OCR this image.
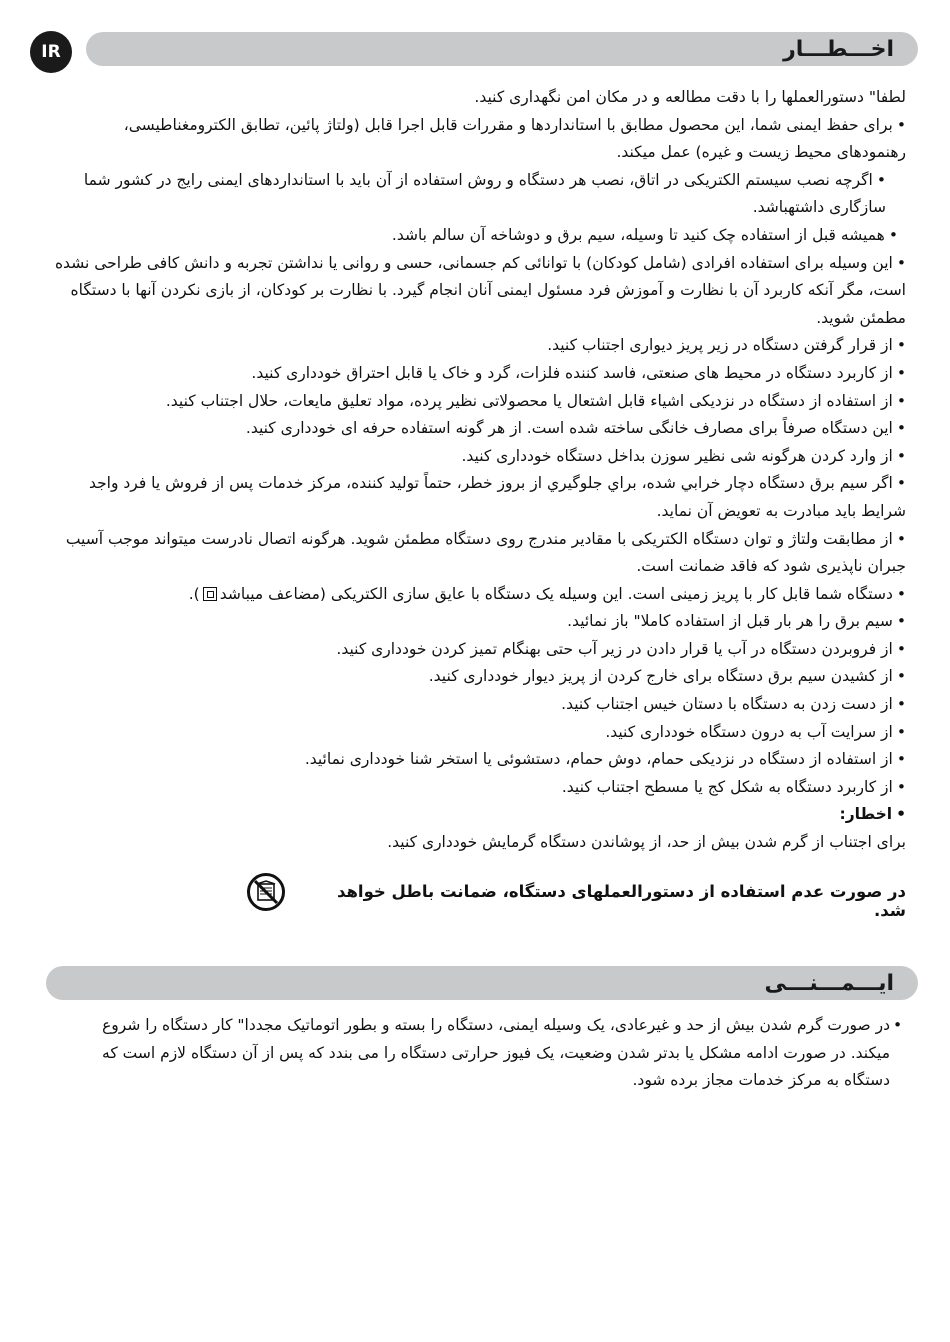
IR	اخـــطـــار

لطفا" دستورالعملها را با دقت مطالعه و در مکان امن نگهداری کنید.

• برای حفظ ایمنی شما، این محصول مطابق با استانداردها و مقررات قابل اجرا قابل (ولتاژ پائین، تطابق الکترومغناطیسی، رهنمودهای محیط زیست و غیره) عمل میکند.

• اگرچه نصب سیستم الکتریکی در اتاق، نصب هر دستگاه و روش استفاده از آن باید با استانداردهای ایمنی رایج در کشور شما سازگاری داشتهباشد.

• همیشه قبل از استفاده چک کنید تا وسیله، سیم برق و دوشاخه آن سالم باشد.

• این وسیله برای استفاده افرادی (شامل کودکان) با توانائی کم جسمانی، حسی و روانی یا نداشتن تجربه و دانش کافی طراحی نشده است، مگر آنکه کاربرد آن با نظارت و آموزش فرد مسئول ایمنی آنان انجام گیرد. با نظارت بر کودکان، از بازی نکردن آنها با دستگاه مطمئن شوید.

• از قرار گرفتن دستگاه در زیر پریز دیواری اجتناب کنید.

• از کاربرد دستگاه در محیط های صنعتی، فاسد کننده فلزات، گرد و خاک یا قابل احتراق خودداری کنید.

• از استفاده از دستگاه در نزدیکی اشیاء قابل اشتعال یا محصولاتی نظیر پرده، مواد تعلیق مایعات، حلال اجتناب کنید.

• این دستگاه صرفاً برای مصارف خانگی ساخته شده است. از هر گونه استفاده حرفه ای خودداری کنید.

• از وارد کردن هرگونه شی نظیر سوزن بداخل دستگاه خودداری کنید.

• اگر سیم برق دستگاه دچار خرابي شده، براي جلوگيري از بروز خطر، حتماً تولید کننده، مرکز خدمات پس از فروش یا فرد واجد شرایط باید مبادرت به تعویض آن نماید.

• از مطابقت ولتاژ و توان دستگاه الکتریکی با مقادیر مندرج روی دستگاه مطمئن شوید. هرگونه اتصال نادرست میتواند موجب آسیب جبران ناپذیری شود که فاقد ضمانت است.

• دستگاه شما قابل کار با پریز زمینی است. این وسیله یک دستگاه با عایق سازی الکتریکی (مضاعف میباشد).

• سیم برق را هر بار قبل از استفاده کاملا" باز نمائید.

• از فروبردن دستگاه در آب یا قرار دادن در زیر آب حتی بهنگام تمیز کردن خودداری کنید.

• از کشیدن سیم برق دستگاه برای خارج کردن از پریز دیوار خودداری کنید.

• از دست زدن به دستگاه با دستان خیس اجتناب کنید.

• از سرایت آب به درون دستگاه خودداری کنید.

• از استفاده از دستگاه در نزدیکی حمام، دوش حمام، دستشوئی یا استخر شنا خودداری نمائید.

• از کاربرد دستگاه به شکل کج یا مسطح اجتناب کنید.

• اخطار:

برای اجتناب از گرم شدن بیش از حد، از پوشاندن دستگاه گرمایش خودداری کنید.

در صورت عدم استفاده از دستورالعملهای دستگاه، ضمانت باطل خواهد شد.
ایـــمـــنـــی

در صورت گرم شدن بیش از حد و غیرعادی، یک وسیله ایمنی، دستگاه را بسته و بطور اتوماتیک مجددا" کار دستگاه را شروع میکند. در صورت ادامه مشکل یا بدتر شدن وضعیت، یک فیوز حرارتی دستگاه را می بندد که پس از آن دستگاه لازم است که دستگاه به مرکز خدمات مجاز برده شود.

•
